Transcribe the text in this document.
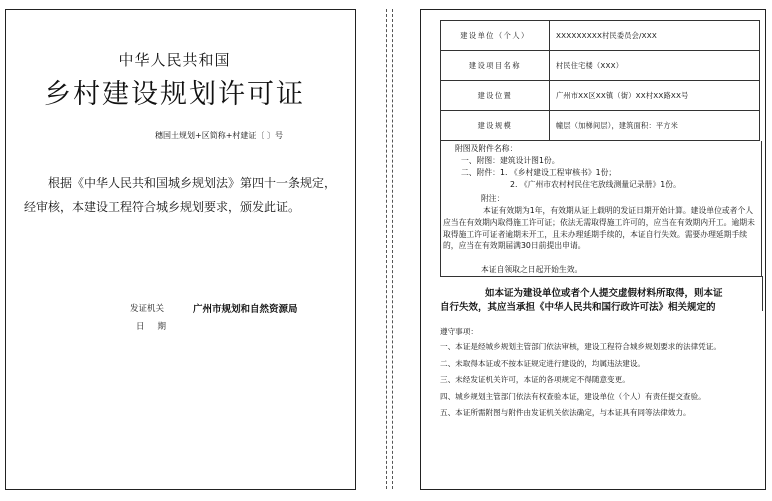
中华人民共和国
乡村建设规划许可证
穗国土规划+区简称+村建证〔 〕号
根据《中华人民共和国城乡规划法》第四十一条规定，经审核，本建设工程符合城乡规划要求，颁发此证。
发证机关	广州市规划和自然资源局
日期
建设单位（个人）	XXXXXXXXX村民委员会/XXX
建设项目名称	村民住宅楼（XXX）
建设位置	广州市XX区XX镇（街）XX村XX路XX号
建设规模	幢层（加梯间层），建筑面积：平方米
附图及附件名称：
一、附图：建筑设计图1份。
二、附件：1. 《乡村建设工程审核书》1份；
2. 《广州市农村村民住宅放线测量记录册》1份。
附注：
本证有效期为1年，有效期从证上载明的发证日期开始计算。建设单位或者个人应当在有效期内取得施工许可证；依法无需取得施工许可的，应当在有效期内开工。逾期未取得施工许可证者逾期未开工，且未办理延期手续的，本证自行失效。需要办理延期手续的，应当在有效期届满30日前提出申请。
本证自领取之日起开始生效。
如本证为建设单位或者个人提交虚假材料所取得，则本证
自行失效，其应当承担《中华人民共和国行政许可法》相关规定的
遵守事项：
一、本证是经城乡规划主管部门依法审核，建设工程符合城乡规划要求的法律凭证。
二、未取得本证或不按本证规定进行建设的，均属违法建设。
三、未经发证机关许可，本证的各项规定不得随意变更。
四、城乡规划主管部门依法有权查验本证，建设单位（个人）有责任提交查验。
五、本证所需附图与附件由发证机关依法确定，与本证具有同等法律效力。
